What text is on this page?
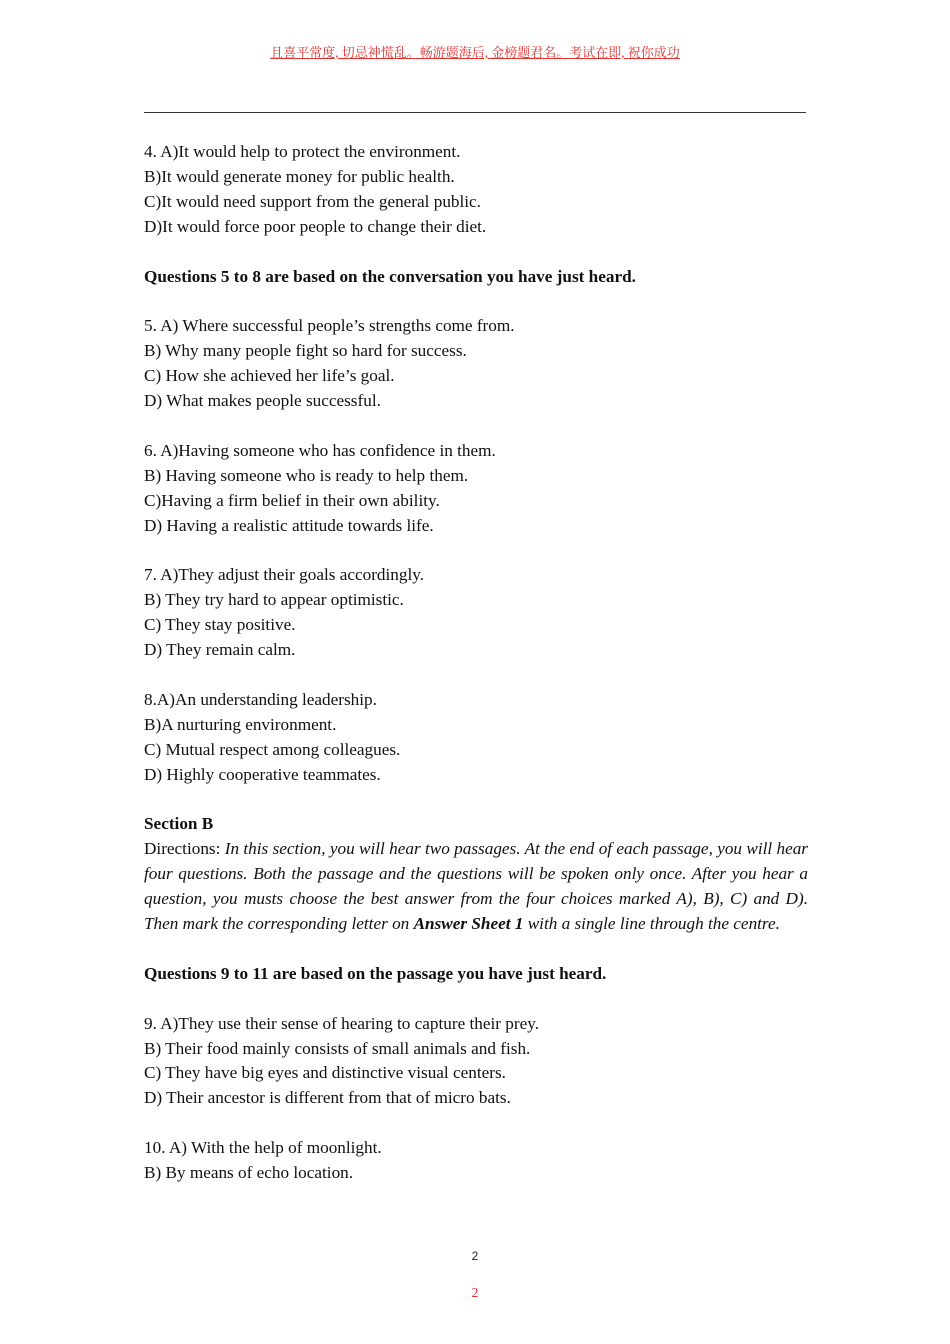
且喜平常度, 切忌神慌乱。畅游题海后, 金榜题君名。考试在即, 祝你成功
4. A)It would help to protect the environment.
B)It would generate money for public health.
C)It would need support from the general public.
D)It would force poor people to change their diet.
Questions 5 to 8 are based on the conversation you have just heard.
5. A) Where successful people’s strengths come from.
B) Why many people fight so hard for success.
C) How she achieved her life’s goal.
D) What makes people successful.
6. A)Having someone who has confidence in them.
B) Having someone who is ready to help them.
C)Having a firm belief in their own ability.
D) Having a realistic attitude towards life.
7. A)They adjust their goals accordingly.
B) They try hard to appear optimistic.
C) They stay positive.
D) They remain calm.
8.A)An understanding leadership.
B)A nurturing environment.
C) Mutual respect among colleagues.
D) Highly cooperative teammates.
Section B
Directions: In this section, you will hear two passages. At the end of each passage, you will hear four questions. Both the passage and the questions will be spoken only once. After you hear a question, you musts choose the best answer from the four choices marked A), B), C) and D). Then mark the corresponding letter on Answer Sheet 1 with a single line through the centre.
Questions 9 to 11 are based on the passage you have just heard.
9. A)They use their sense of hearing to capture their prey.
B) Their food mainly consists of small animals and fish.
C) They have big eyes and distinctive visual centers.
D) Their ancestor is different from that of micro bats.
10. A) With the help of moonlight.
B) By means of echo location.
2
2
